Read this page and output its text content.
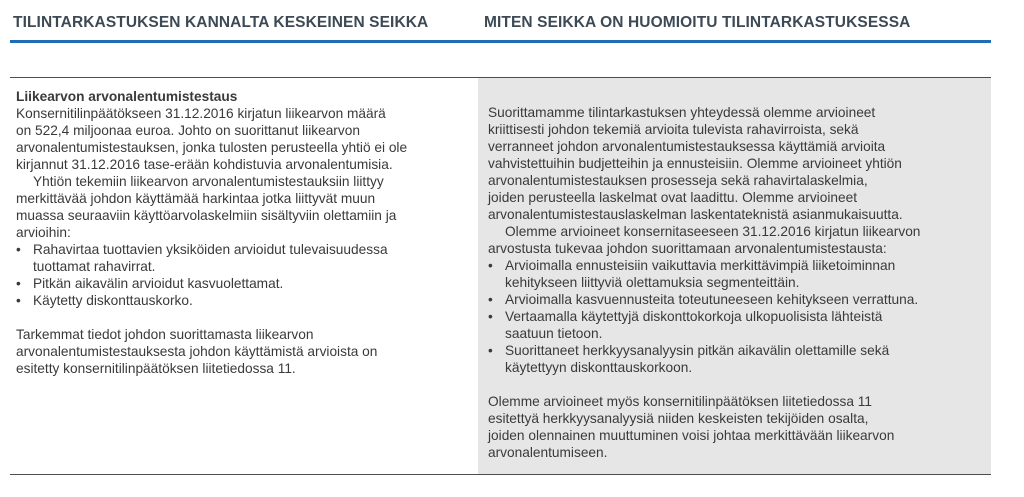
TILINTARKASTUKSEN KANNALTA KESKEINEN SEIKKA	MITEN SEIKKA ON HUOMIOITU TILINTARKASTUKSESSA

Liikearvon arvonalentumistestaus

Konsernitilinpäätökseen 31.12.2016 kirjatun liikearvon määrä

on 522,4 miljoonaa euroa. Johto on suorittanut liikearvon

arvonalentumistestauksen, jonka tulosten perusteella yhtiö ei ole

kirjannut 31.12.2016 tase-erään kohdistuvia arvonalentumisia.

Yhtiön tekemiin liikearvon arvonalentumistestauksiin liittyy

merkittävää johdon käyttämää harkintaa jotka liittyvät muun

muassa seuraaviin käyttöarvolaskelmiin sisältyviin olettamiin ja

arvioihin:

• Rahavirtaa tuottavien yksiköiden arvioidut tulevaisuudessa

tuottamat rahavirrat.

• Pitkän aikavälin arvioidut kasvuolettamat.

• Käytetty diskonttauskorko.

Tarkemmat tiedot johdon suorittamasta liikearvon

arvonalentumistestauksesta johdon käyttämistä arvioista on

esitetty konsernitilinpäätöksen liitetiedossa 11.

Suorittamamme tilintarkastuksen yhteydessä olemme arvioineet

kriittisesti johdon tekemiä arvioita tulevista rahavirroista, sekä

verranneet johdon arvonalentumistestauksessa käyttämiä arvioita

vahvistettuihin budjetteihin ja ennusteisiin. Olemme arvioineet yhtiön

arvonalentumistestauksen prosesseja sekä rahavirtalaskelmia,

joiden perusteella laskelmat ovat laadittu. Olemme arvioineet

arvonalentumistestauslaskelman laskentateknistä asianmukaisuutta.

Olemme arvioineet konsernitaseeseen 31.12.2016 kirjatun liikearvon

arvostusta tukevaa johdon suorittamaan arvonalentumistestausta:

• Arvioimalla ennusteisiin vaikuttavia merkittävimpiä liiketoiminnan

kehitykseen liittyviä olettamuksia segmenteittäin.

• Arvioimalla kasvuennusteita toteutuneeseen kehitykseen verrattuna.

• Vertaamalla käytettyjä diskonttokorkoja ulkopuolisista lähteistä

saatuun tietoon.

• Suorittaneet herkkyysanalyysin pitkän aikavälin olettamille sekä

käytettyyn diskonttauskorkoon.

Olemme arvioineet myös konsernitilinpäätöksen liitetiedossa 11

esitettyä herkkyysanalyysiä niiden keskeisten tekijöiden osalta,

joiden olennainen muuttuminen voisi johtaa merkittävään liikearvon

arvonalentumiseen.
